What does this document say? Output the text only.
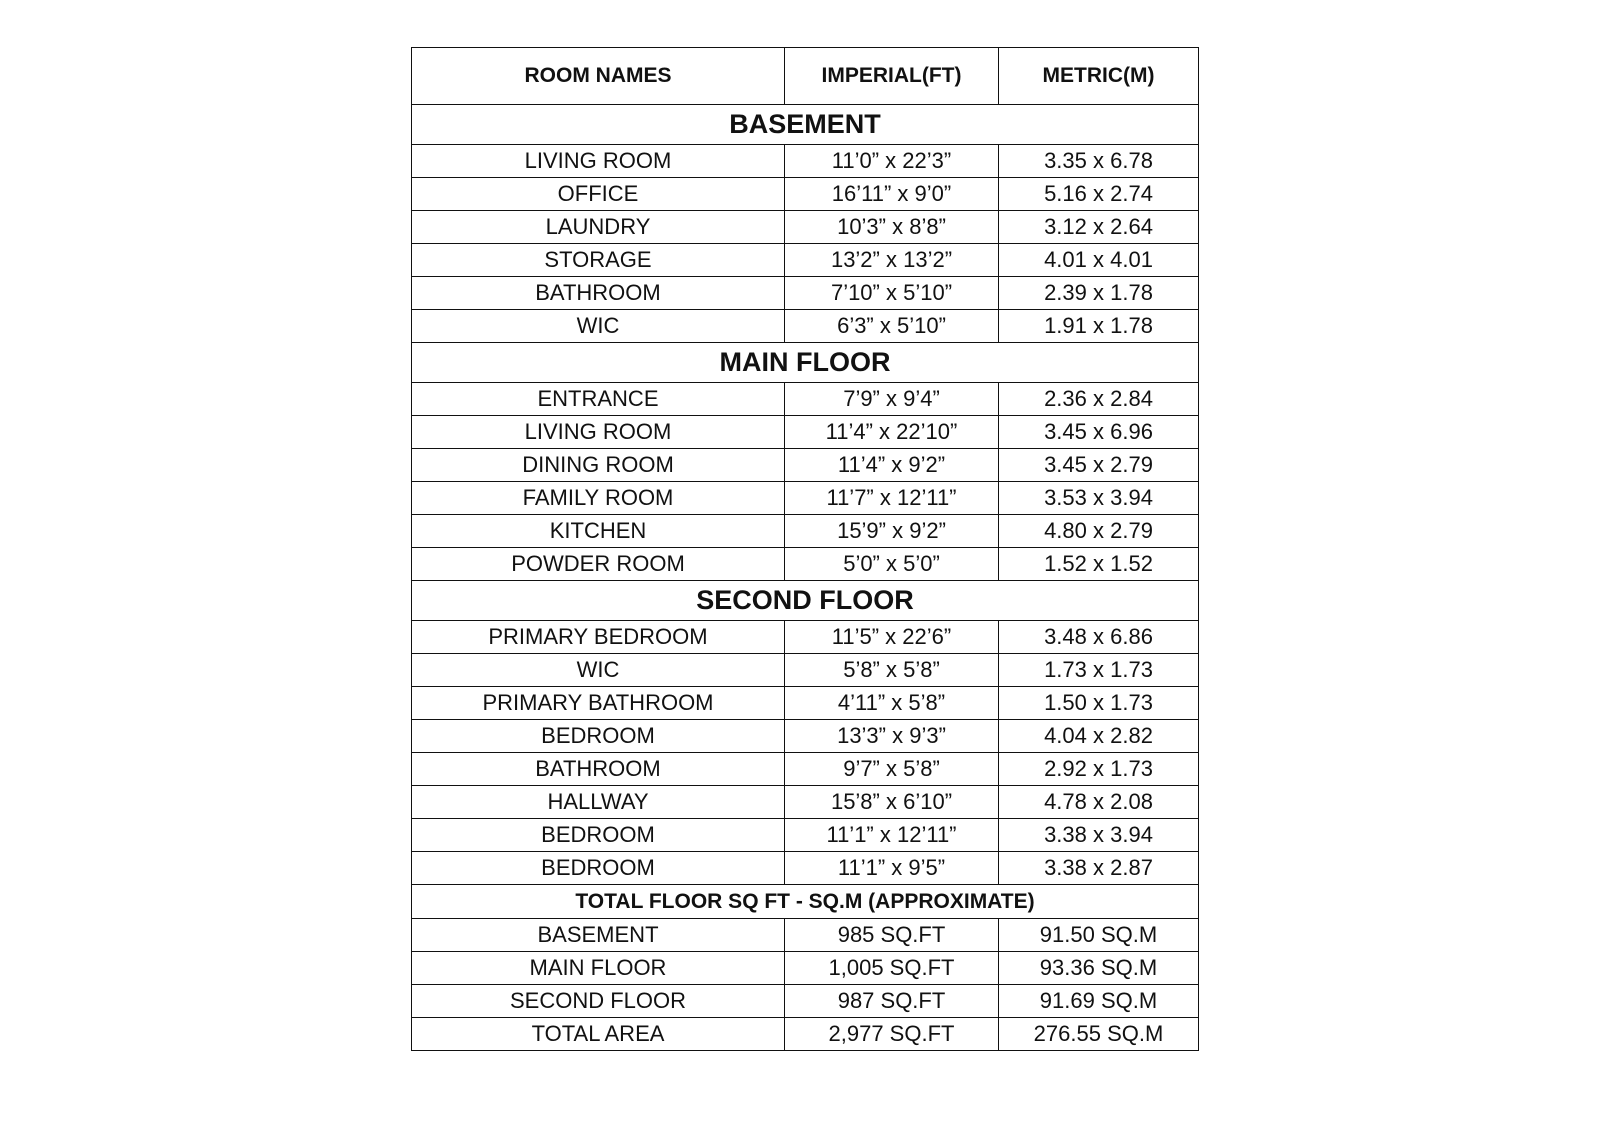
ROOM NAMES	IMPERIAL(FT)	METRIC(M)
BASEMENT		
LIVING ROOM	11’0” x 22’3”	3.35 x 6.78
OFFICE	16’11” x 9’0”	5.16 x 2.74
LAUNDRY	10’3” x 8’8”	3.12 x 2.64
STORAGE	13’2” x 13’2”	4.01 x 4.01
BATHROOM	7’10” x 5’10”	2.39 x 1.78
WIC	6’3” x 5’10”	1.91 x 1.78
MAIN FLOOR		
ENTRANCE	7’9” x 9’4”	2.36 x 2.84
LIVING ROOM	11’4” x 22’10”	3.45 x 6.96
DINING ROOM	11’4” x 9’2”	3.45 x 2.79
FAMILY ROOM	11’7” x 12’11”	3.53 x 3.94
KITCHEN	15’9” x 9’2”	4.80 x 2.79
POWDER ROOM	5’0” x 5’0”	1.52 x 1.52
SECOND FLOOR		
PRIMARY BEDROOM	11’5” x 22’6”	3.48 x 6.86
WIC	5’8” x 5’8”	1.73 x 1.73
PRIMARY BATHROOM	4’11” x 5’8”	1.50 x 1.73
BEDROOM	13’3” x 9’3”	4.04 x 2.82
BATHROOM	9’7” x 5’8”	2.92 x 1.73
HALLWAY	15’8” x 6’10”	4.78 x 2.08
BEDROOM	11’1” x 12’11”	3.38 x 3.94
BEDROOM	11’1” x 9’5”	3.38 x 2.87
TOTAL FLOOR SQ FT - SQ.M (APPROXIMATE)		
BASEMENT	985 SQ.FT	91.50 SQ.M
MAIN FLOOR	1,005 SQ.FT	93.36 SQ.M
SECOND FLOOR	987 SQ.FT	91.69 SQ.M
TOTAL AREA	2,977 SQ.FT	276.55 SQ.M
